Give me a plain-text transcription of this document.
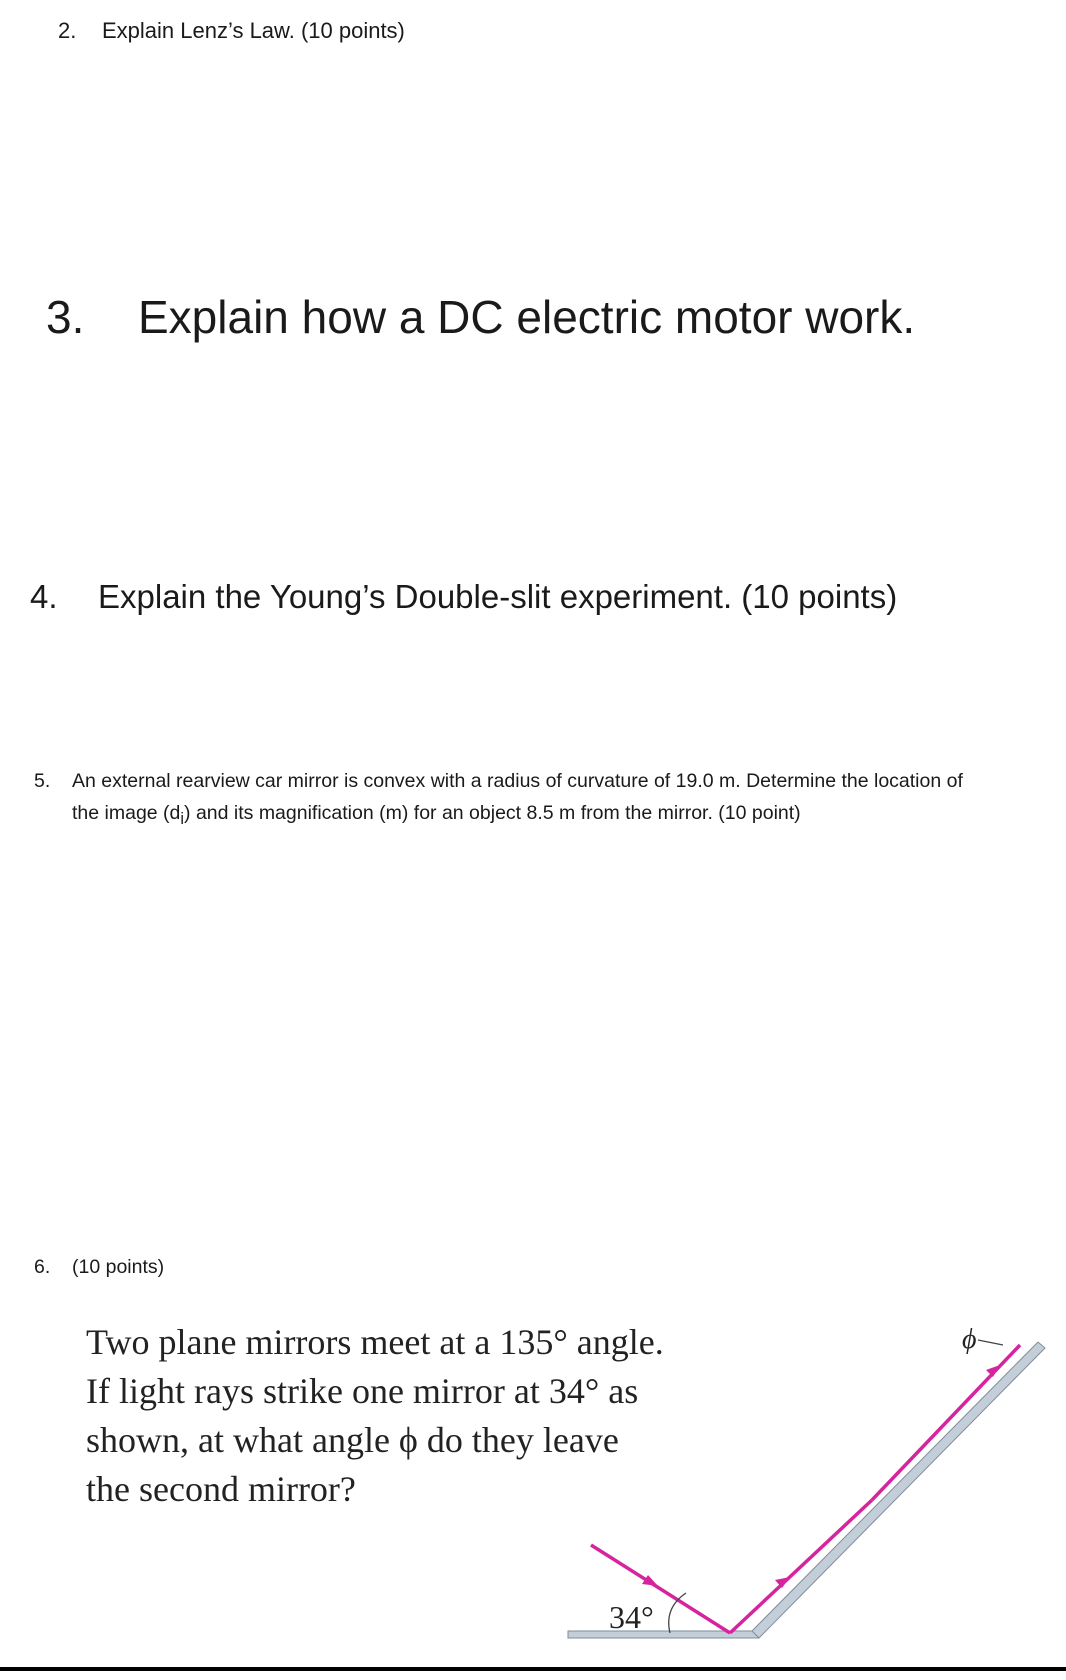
2. Explain Lenz’s Law. (10 points)
3. Explain how a DC electric motor work.
4. Explain the Young’s Double-slit experiment. (10 points)
5. An external rearview car mirror is convex with a radius of curvature of 19.0 m. Determine the location of the image $(d_i)$ and its magnification (m) for an object 8.5 m from the mirror. (10 point)
6. (10 points)

Two plane mirrors meet at a 135° angle.

If light rays strike one mirror at 34° as

shown, at what angle ϕ do they leave

the second mirror?

34°
ϕ
